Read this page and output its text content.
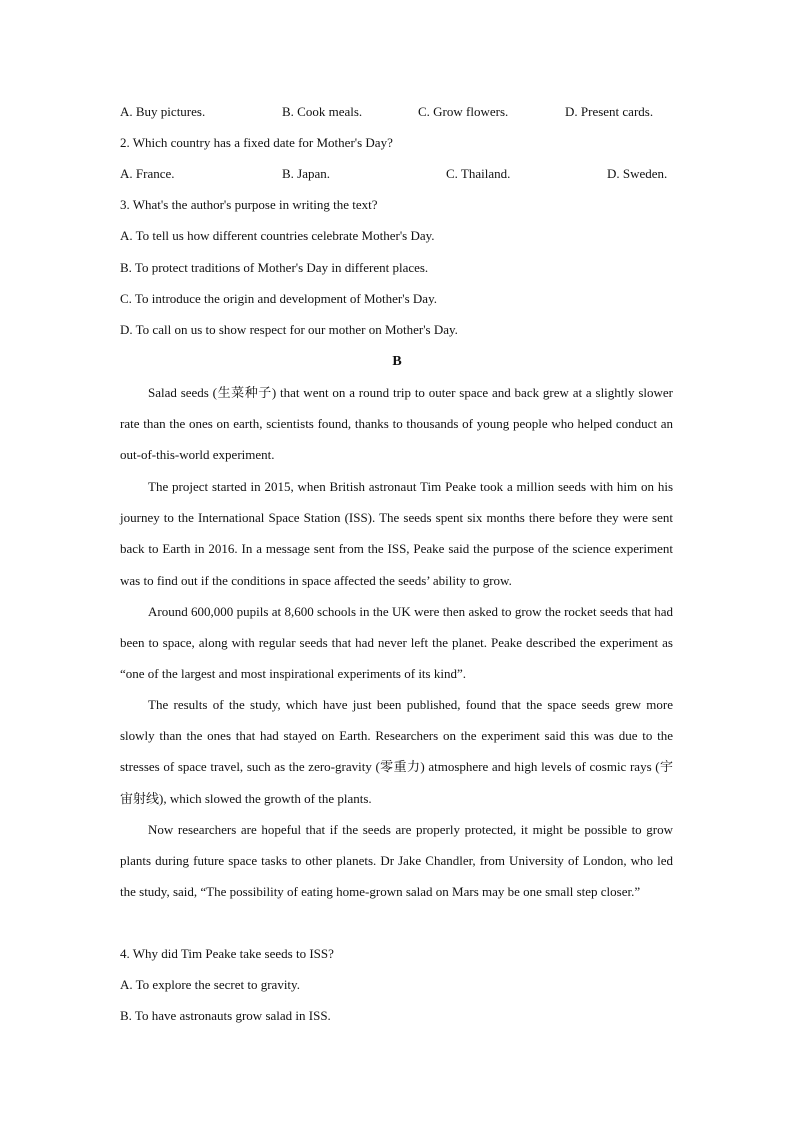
A. Buy pictures.	B. Cook meals.	C. Grow flowers.	D. Present cards.
2. Which country has a fixed date for Mother's Day?
A. France.	B. Japan.	C. Thailand.	D. Sweden.
3. What's the author's purpose in writing the text?
A. To tell us how different countries celebrate Mother's Day.
B. To protect traditions of Mother's Day in different places.
C. To introduce the origin and development of Mother's Day.
D. To call on us to show respect for our mother on Mother's Day.
B

Salad seeds (生菜种子) that went on a round trip to outer space and back grew at a slightly slower rate than the ones on earth, scientists found, thanks to thousands of young people who helped conduct an out-of-this-world experiment.

The project started in 2015, when British astronaut Tim Peake took a million seeds with him on his journey to the International Space Station (ISS). The seeds spent six months there before they were sent back to Earth in 2016. In a message sent from the ISS, Peake said the purpose of the science experiment was to find out if the conditions in space affected the seeds’ ability to grow.

Around 600,000 pupils at 8,600 schools in the UK were then asked to grow the rocket seeds that had been to space, along with regular seeds that had never left the planet. Peake described the experiment as “one of the largest and most inspirational experiments of its kind”.

The results of the study, which have just been published, found that the space seeds grew more slowly than the ones that had stayed on Earth. Researchers on the experiment said this was due to the stresses of space travel, such as the zero-gravity (零重力) atmosphere and high levels of cosmic rays (宇宙射线), which slowed the growth of the plants.

Now researchers are hopeful that if the seeds are properly protected, it might be possible to grow plants during future space tasks to other planets. Dr Jake Chandler, from University of London, who led the study, said, “The possibility of eating home-grown salad on Mars may be one small step closer.”

4. Why did Tim Peake take seeds to ISS?
A. To explore the secret to gravity.
B. To have astronauts grow salad in ISS.
